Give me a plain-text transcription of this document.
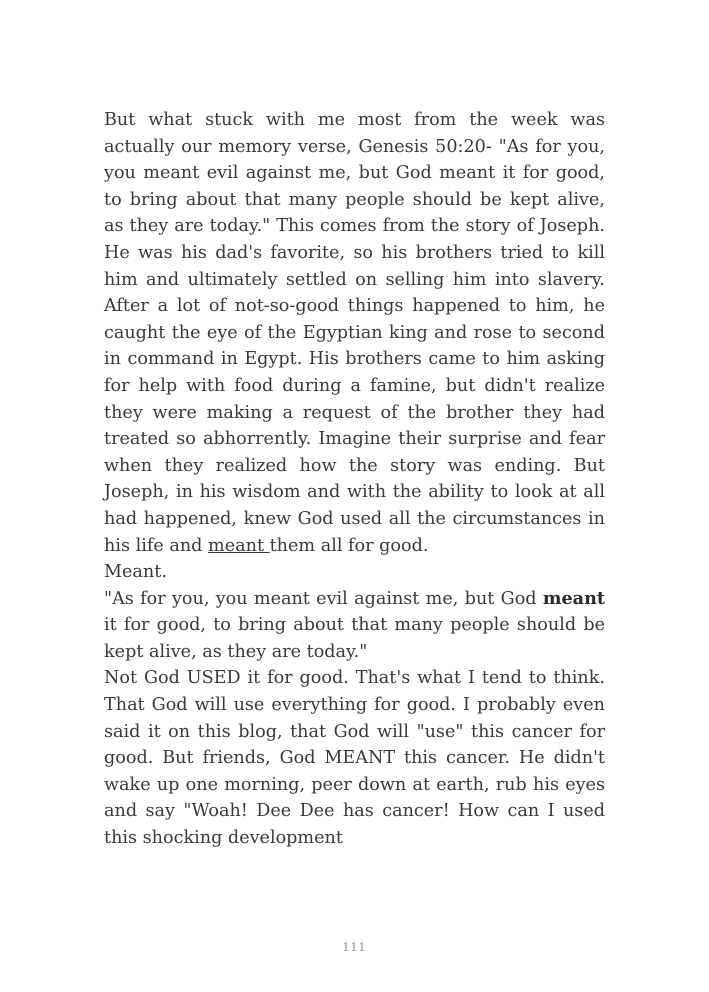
But what stuck with me most from the week was actually our memory verse, Genesis 50:20- "As for you, you meant evil against me, but God meant it for good, to bring about that many people should be kept alive, as they are today." This comes from the story of Joseph. He was his dad's favorite, so his brothers tried to kill him and ultimately settled on selling him into slavery. After a lot of not-so-good things happened to him, he caught the eye of the Egyptian king and rose to second in command in Egypt. His brothers came to him asking for help with food during a famine, but didn't realize they were making a request of the brother they had treated so abhorrently. Imagine their surprise and fear when they realized how the story was ending. But Joseph, in his wisdom and with the ability to look at all had happened, knew God used all the circumstances in his life and meant them all for good.

Meant.

"As for you, you meant evil against me, but God meant it for good, to bring about that many people should be kept alive, as they are today."

Not God USED it for good. That's what I tend to think. That God will use everything for good. I probably even said it on this blog, that God will "use" this cancer for good. But friends, God MEANT this cancer. He didn't wake up one morning, peer down at earth, rub his eyes and say "Woah! Dee Dee has cancer! How can I used this shocking development

111
